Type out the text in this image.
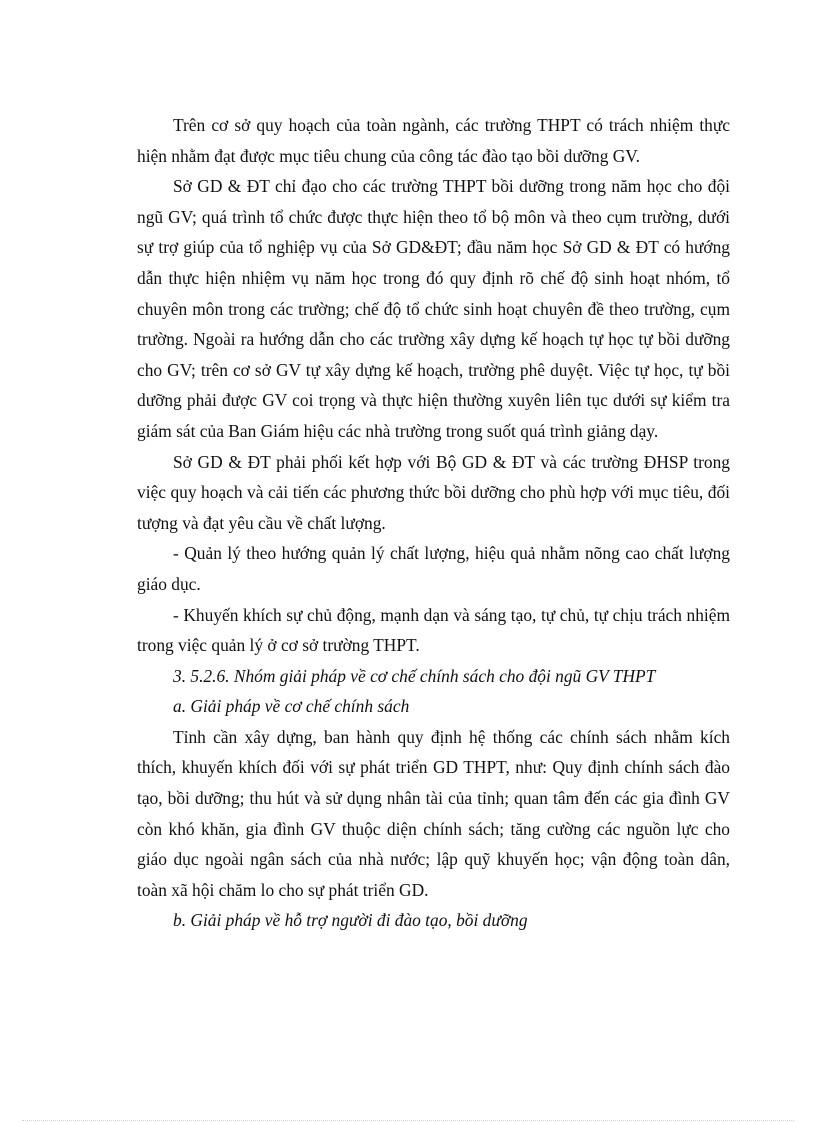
Trên cơ sở quy hoạch của toàn ngành, các trường THPT có trách nhiệm thực hiện nhằm đạt được mục tiêu chung của công tác đào tạo bồi dưỡng GV.

Sở GD & ĐT chỉ đạo cho các trường THPT bồi dưỡng trong năm học cho đội ngũ GV; quá trình tổ chức được thực hiện theo tổ bộ môn và theo cụm trường, dưới sự trợ giúp của tổ nghiệp vụ của Sở GD&ĐT; đầu năm học Sở GD & ĐT có hướng dẫn thực hiện nhiệm vụ năm học trong đó quy định rõ chế độ sinh hoạt nhóm, tổ chuyên môn trong các trường; chế độ tổ chức sinh hoạt chuyên đề theo trường, cụm trường. Ngoài ra hướng dẫn cho các trường xây dựng kế hoạch tự học tự bồi dưỡng cho GV; trên cơ sở GV tự xây dựng kế hoạch, trường phê duyệt. Việc tự học, tự bồi dưỡng phải được GV coi trọng và thực hiện thường xuyên liên tục dưới sự kiểm tra giám sát của Ban Giám hiệu các nhà trường trong suốt quá trình giảng dạy.

Sở GD & ĐT phải phối kết hợp với Bộ GD & ĐT và các trường ĐHSP trong việc quy hoạch và cải tiến các phương thức bồi dưỡng cho phù hợp với mục tiêu, đối tượng và đạt yêu cầu về chất lượng.

- Quản lý theo hướng quản lý chất lượng, hiệu quả nhằm nõng cao chất lượng giáo dục.

- Khuyến khích sự chủ động, mạnh dạn và sáng tạo, tự chủ, tự chịu trách nhiệm trong việc quản lý ở cơ sở trường THPT.

3. 5.2.6. Nhóm giải pháp về cơ chế chính sách cho đội ngũ GV THPT

a. Giải pháp về cơ chế chính sách

Tỉnh cần xây dựng, ban hành quy định hệ thống các chính sách nhằm kích thích, khuyến khích đối với sự phát triển GD THPT, như: Quy định chính sách đào tạo, bồi dưỡng; thu hút và sử dụng nhân tài của tỉnh; quan tâm đến các gia đình GV còn khó khăn, gia đình GV thuộc diện chính sách; tăng cường các nguồn lực cho giáo dục ngoài ngân sách của nhà nước; lập quỹ khuyến học; vận động toàn dân, toàn xã hội chăm lo cho sự phát triển GD.

b. Giải pháp về hỗ trợ người đi đào tạo, bồi dưỡng
